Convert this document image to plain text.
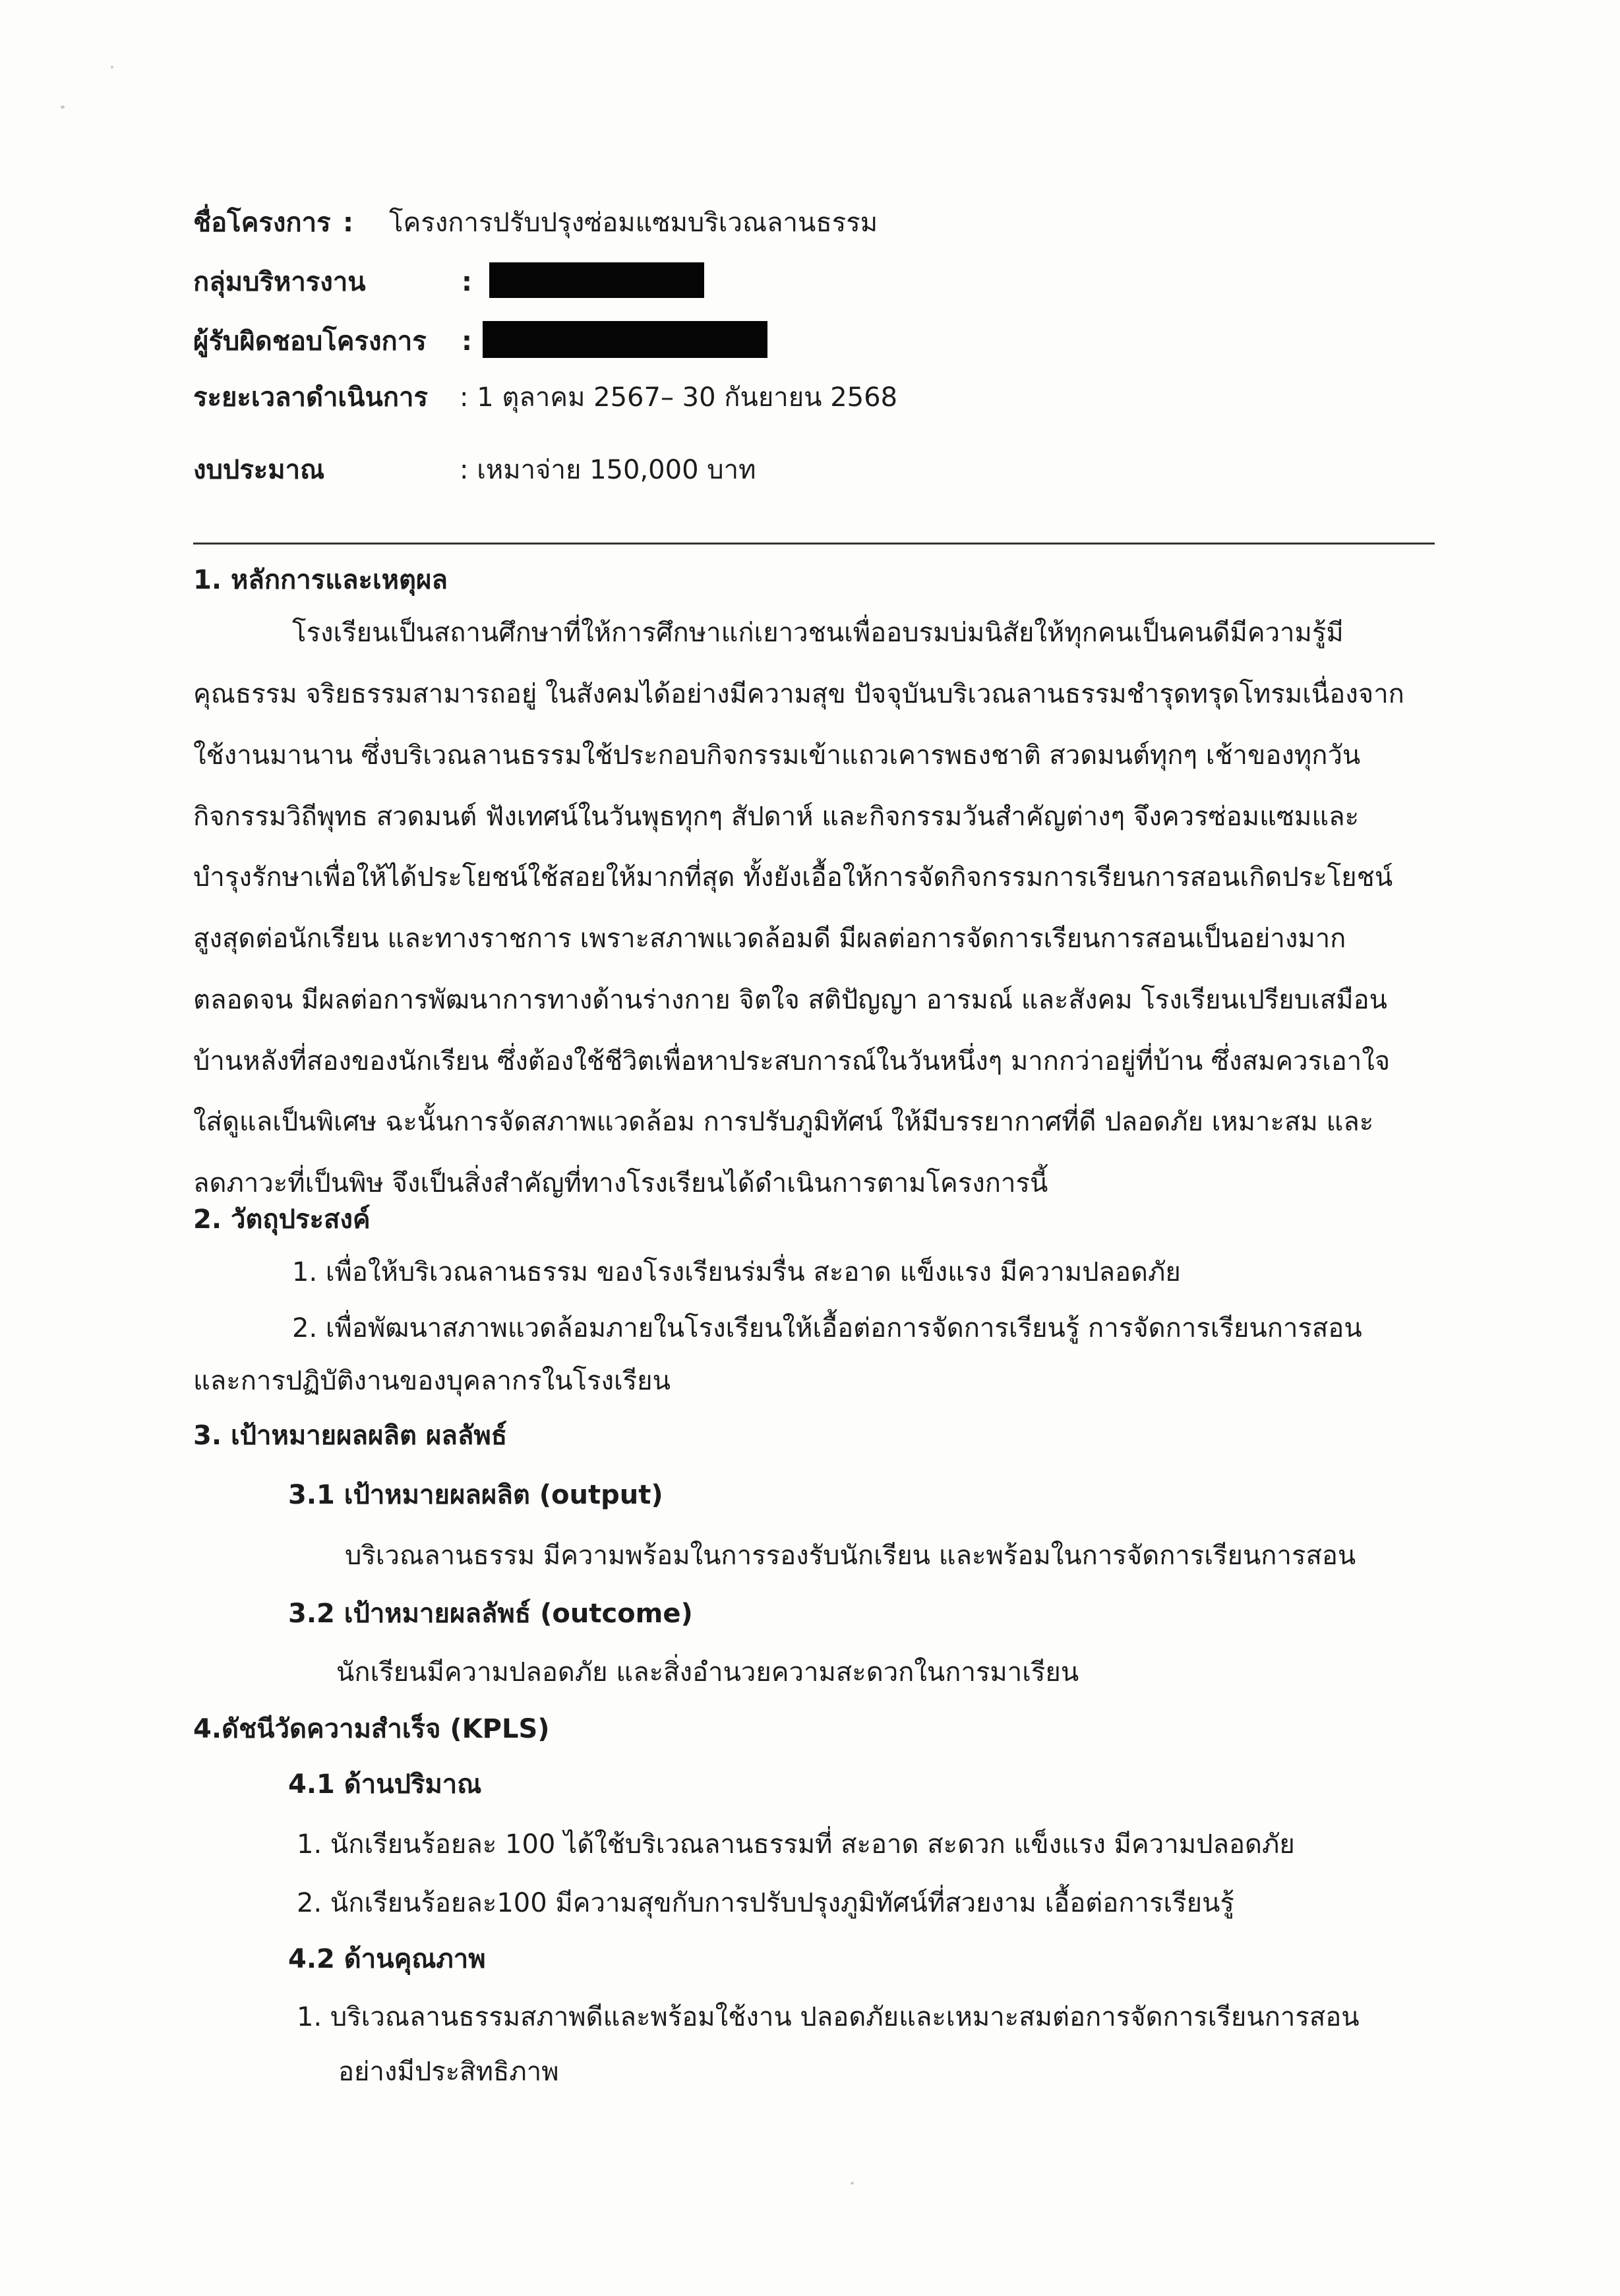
ชื่อโครงการ : โครงการปรับปรุงซ่อมแซมบริเวณลานธรรม
กลุ่มบริหารงาน	:
ผู้รับผิดชอบโครงการ :
ระยะเวลาดำเนินการ : 1 ตุลาคม 2567– 30 กันยายน 2568
งบประมาณ	: เหมาจ่าย 150,000 บาท
1. หลักการและเหตุผล
โรงเรียนเป็นสถานศึกษาที่ให้การศึกษาแก่เยาวชนเพื่ออบรมบ่มนิสัยให้ทุกคนเป็นคนดีมีความรู้มี
คุณธรรม จริยธรรมสามารถอยู่ ในสังคมได้อย่างมีความสุข ปัจจุบันบริเวณลานธรรมชำรุดทรุดโทรมเนื่องจาก
ใช้งานมานาน ซึ่งบริเวณลานธรรมใช้ประกอบกิจกรรมเข้าแถวเคารพธงชาติ สวดมนต์ทุกๆ เช้าของทุกวัน
กิจกรรมวิถีพุทธ สวดมนต์ ฟังเทศน์ในวันพุธทุกๆ สัปดาห์ และกิจกรรมวันสำคัญต่างๆ จึงควรซ่อมแซมและ
บำรุงรักษาเพื่อให้ได้ประโยชน์ใช้สอยให้มากที่สุด ทั้งยังเอื้อให้การจัดกิจกรรมการเรียนการสอนเกิดประโยชน์
สูงสุดต่อนักเรียน และทางราชการ เพราะสภาพแวดล้อมดี มีผลต่อการจัดการเรียนการสอนเป็นอย่างมาก
ตลอดจน มีผลต่อการพัฒนาการทางด้านร่างกาย จิตใจ สติปัญญา อารมณ์ และสังคม โรงเรียนเปรียบเสมือน
บ้านหลังที่สองของนักเรียน ซึ่งต้องใช้ชีวิตเพื่อหาประสบการณ์ในวันหนึ่งๆ มากกว่าอยู่ที่บ้าน ซึ่งสมควรเอาใจ
ใส่ดูแลเป็นพิเศษ ฉะนั้นการจัดสภาพแวดล้อม การปรับภูมิทัศน์ ให้มีบรรยากาศที่ดี ปลอดภัย เหมาะสม และ
ลดภาวะที่เป็นพิษ จึงเป็นสิ่งสำคัญที่ทางโรงเรียนได้ดำเนินการตามโครงการนี้
2. วัตถุประสงค์
1. เพื่อให้บริเวณลานธรรม ของโรงเรียนร่มรื่น สะอาด แข็งแรง มีความปลอดภัย
2. เพื่อพัฒนาสภาพแวดล้อมภายในโรงเรียนให้เอื้อต่อการจัดการเรียนรู้ การจัดการเรียนการสอน
และการปฏิบัติงานของบุคลากรในโรงเรียน
3. เป้าหมายผลผลิต ผลลัพธ์
3.1 เป้าหมายผลผลิต (output)
บริเวณลานธรรม มีความพร้อมในการรองรับนักเรียน และพร้อมในการจัดการเรียนการสอน
3.2 เป้าหมายผลลัพธ์ (outcome)
นักเรียนมีความปลอดภัย และสิ่งอำนวยความสะดวกในการมาเรียน
4.ดัชนีวัดความสำเร็จ (KPLS)
4.1 ด้านปริมาณ
1. นักเรียนร้อยละ 100 ได้ใช้บริเวณลานธรรมที่ สะอาด สะดวก แข็งแรง มีความปลอดภัย
2. นักเรียนร้อยละ100 มีความสุขกับการปรับปรุงภูมิทัศน์ที่สวยงาม เอื้อต่อการเรียนรู้
4.2 ด้านคุณภาพ
1. บริเวณลานธรรมสภาพดีและพร้อมใช้งาน ปลอดภัยและเหมาะสมต่อการจัดการเรียนการสอน
อย่างมีประสิทธิภาพ
